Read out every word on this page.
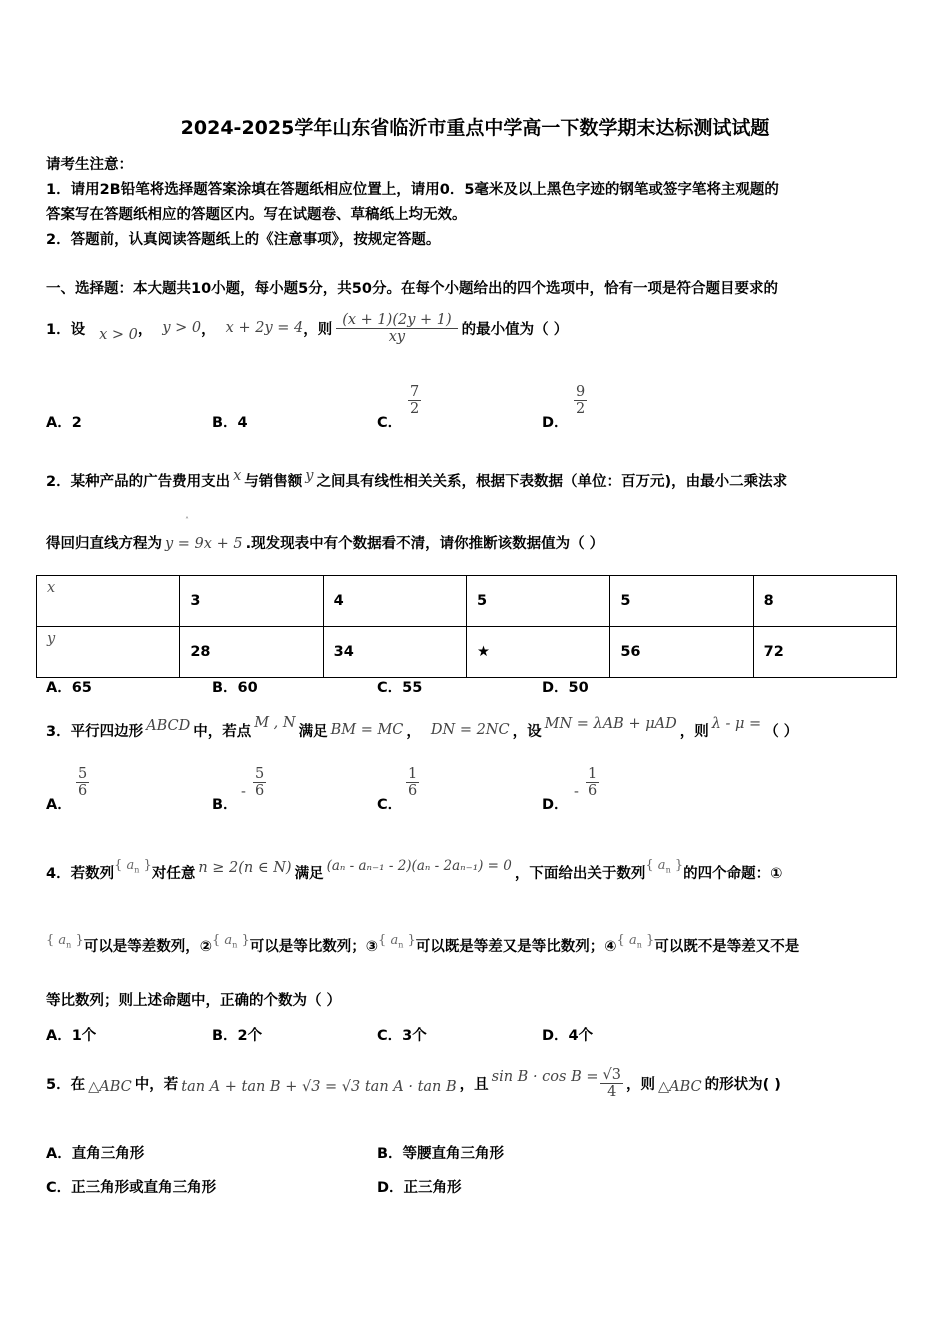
2024-2025学年山东省临沂市重点中学高一下数学期末达标测试试题
请考生注意：
1．请用2B铅笔将选择题答案涂填在答题纸相应位置上，请用0．5毫米及以上黑色字迹的钢笔或签字笔将主观题的
答案写在答题纸相应的答题区内。写在试题卷、草稿纸上均无效。
2．答题前，认真阅读答题纸上的《注意事项》，按规定答题。
一、选择题：本大题共10小题，每小题5分，共50分。在每个小题给出的四个选项中，恰有一项是符合题目要求的
1．设 x > 0 ， y > 0 ， x + 2y = 4 ，则 $\frac{(x + 1)(2y + 1)}{xy}$ 的最小值为（ ）
A．2	B．4	C．
$\frac{7}{2}$
D．
$\frac{9}{2}$
2．某种产品的广告费用支出 x 与销售额 y 之间具有线性相关关系，根据下表数据（单位：百万元)，由最小二乘法求
得回归直线方程为 y = 9x + 5 .现发现表中有个数据看不清，请你推断该数据值为（ ）
˄
x	3	4	5	5	8
y	28	34	★	56	72
A．65	B．60	C．55	D．50
3．平行四边形 ABCD 中，若点
M , N
满足 BM = MC ， DN = 2NC ，设 MN = λAB + μAD ，则 λ - μ = （ ）
A．
$\frac{5}{6}$
B．
- $\frac{5}{6}$
C．
$\frac{1}{6}$
D．
- $\frac{1}{6}$
4．若数列
{ $a_n$ }
对任意 n ≥ 2(n ∈ N) 满足 (aₙ - aₙ₋₁ - 2)(aₙ - 2aₙ₋₁) = 0 ，下面给出关于数列
{ $a_n$ }
的四个命题：①
{ $a_n$ } 可以是等差数列，② { $a_n$ } 可以是等比数列；③ { $a_n$ } 可以既是等差又是等比数列；④ { $a_n$ } 可以既不是等差又不是
等比数列；则上述命题中，正确的个数为（ ）
A．1个	B．2个	C．3个	D．4个
5．在 △ABC 中，若 tan A + tan B + √3 = √3 tan A · tan B ，且 $\sin B \cdot \cos B = \frac{√3}{4}$ ，则 △ABC 的形状为( )
A．直角三角形	B．等腰直角三角形
C．正三角形或直角三角形	D．正三角形
